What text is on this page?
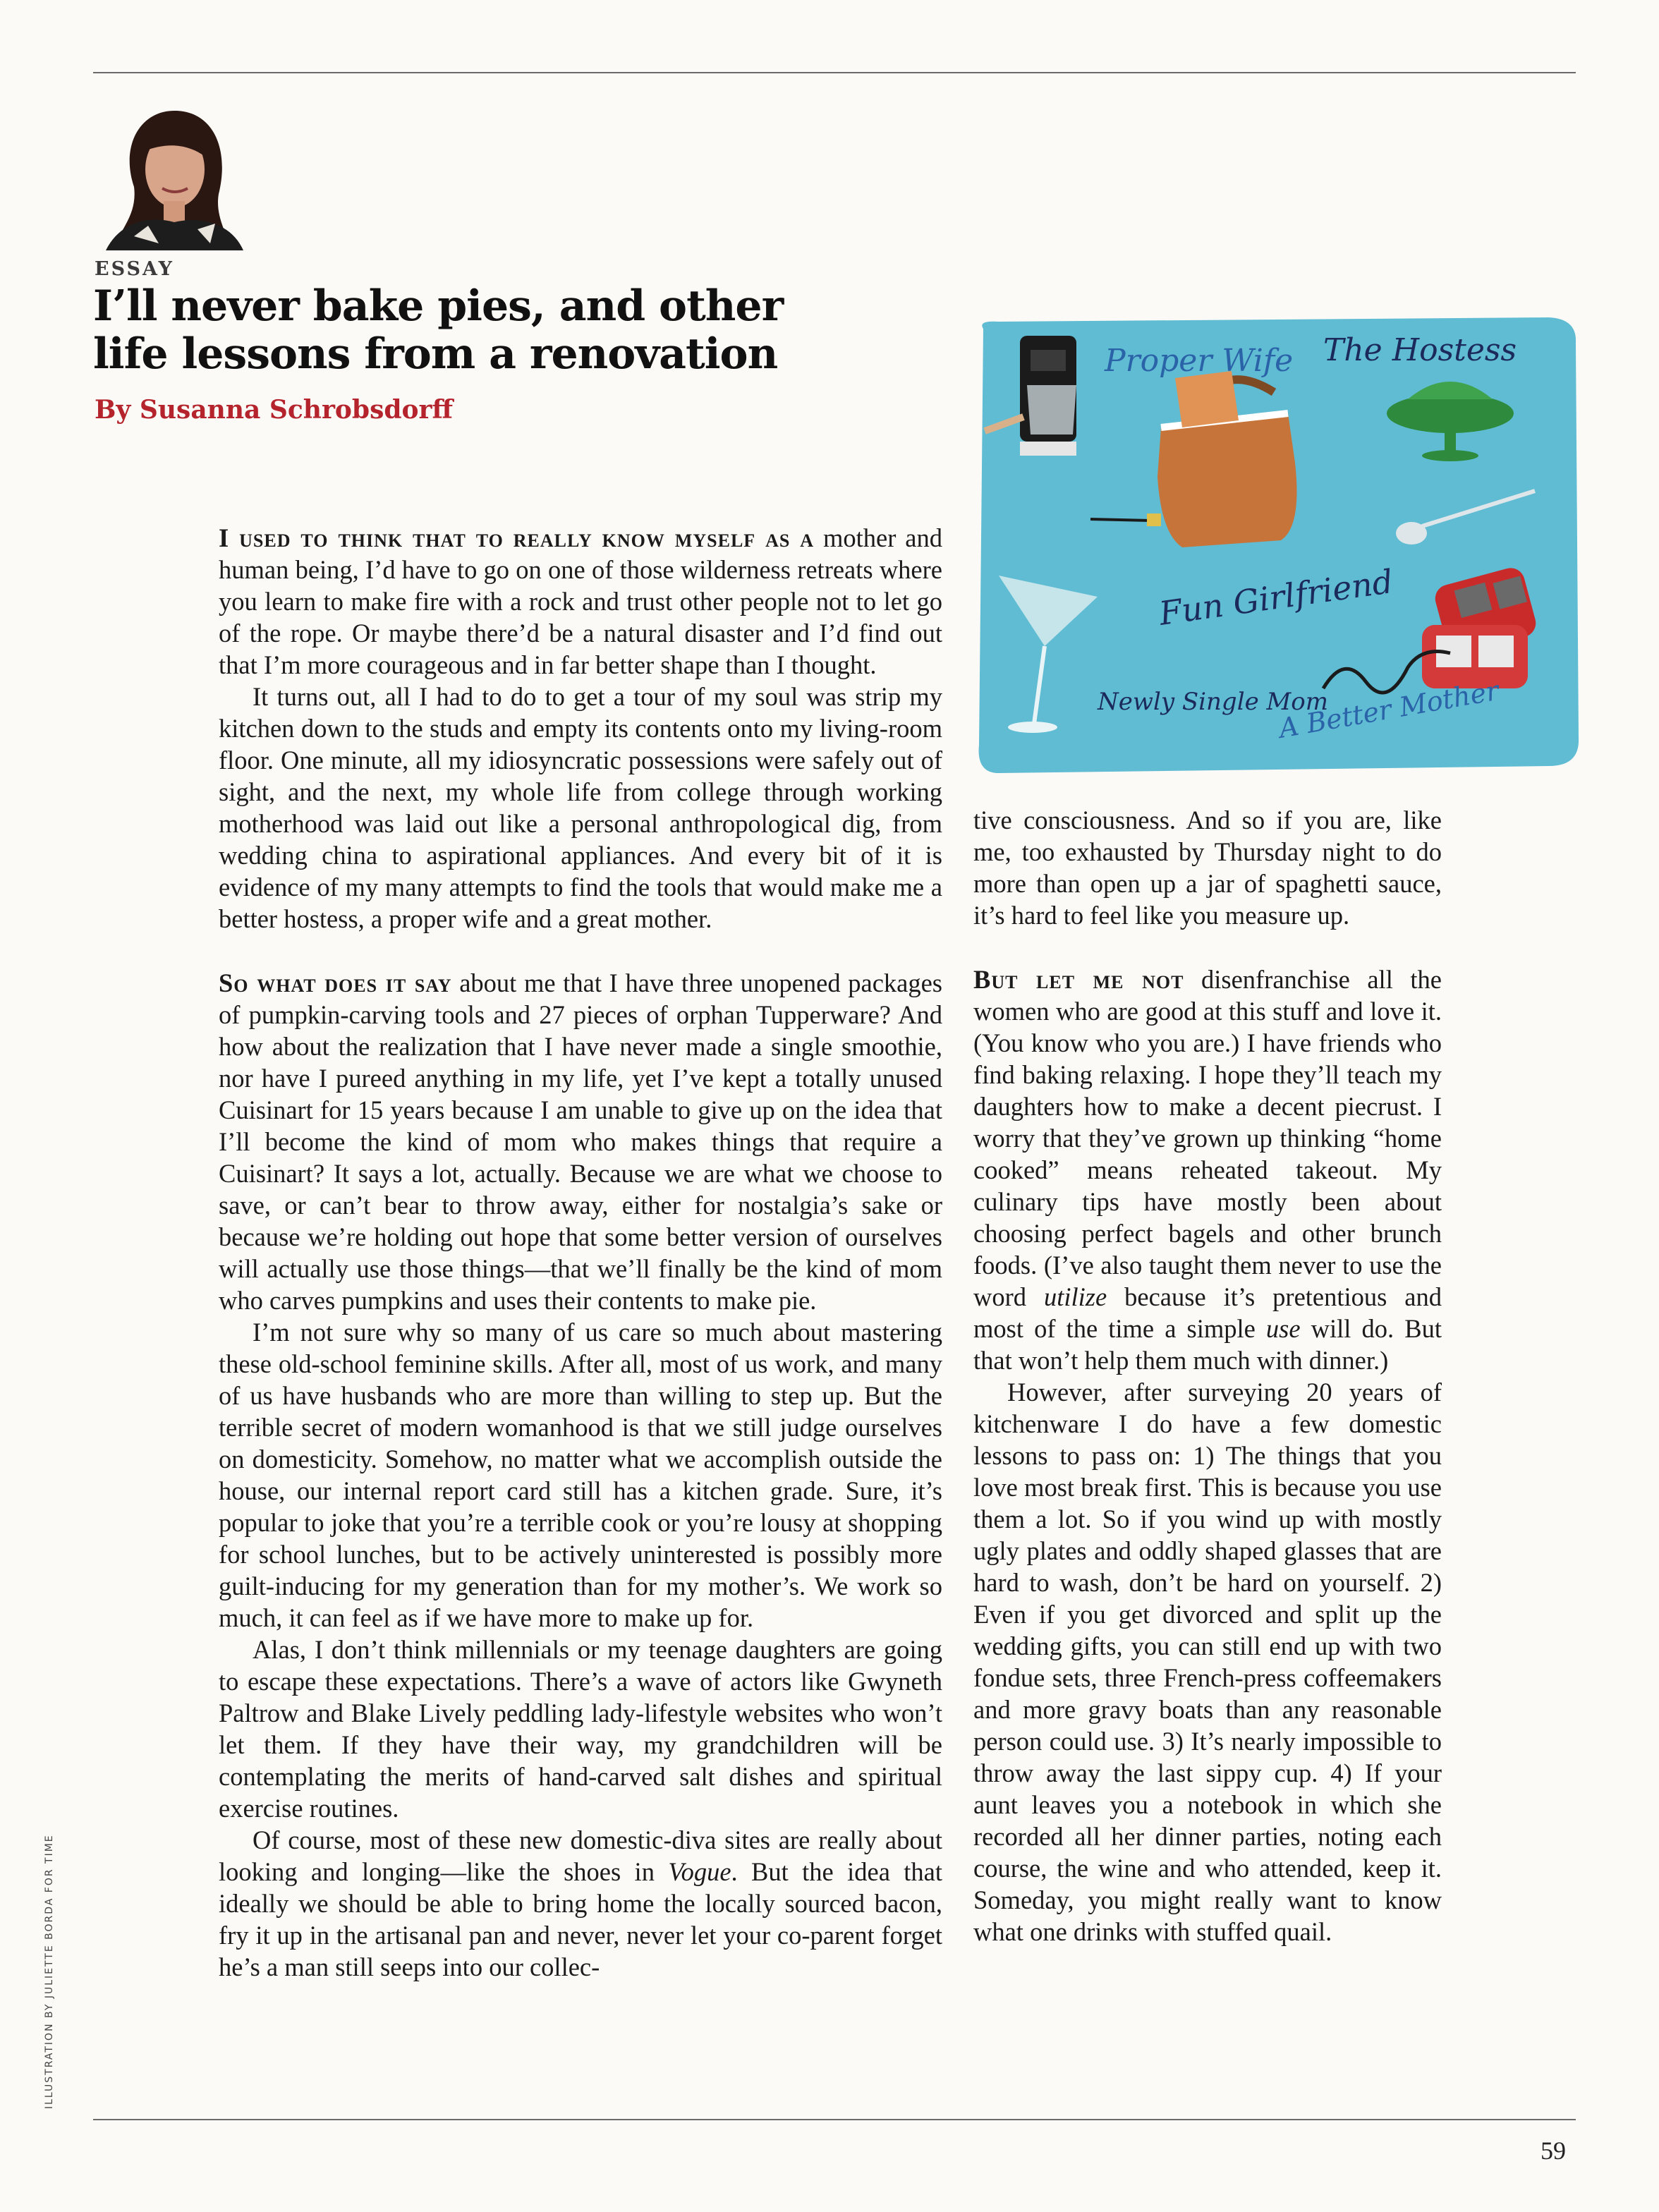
ESSAY
I’ll never bake pies, and other
life lessons from a renovation
By Susanna Schrobsdorff

I used to think that to really know myself as a mother and human being, I’d have to go on one of those wilderness retreats where you learn to make fire with a rock and trust other people not to let go of the rope. Or maybe there’d be a natural disaster and I’d find out that I’m more courageous and in far better shape than I thought.

It turns out, all I had to do to get a tour of my soul was strip my kitchen down to the studs and empty its contents onto my living-room floor. One minute, all my idiosyncratic possessions were safely out of sight, and the next, my whole life from college through working motherhood was laid out like a personal anthropological dig, from wedding china to aspirational appliances. And every bit of it is evidence of my many attempts to find the tools that would make me a better hostess, a proper wife and a great mother.

So what does it say about me that I have three unopened packages of pumpkin-carving tools and 27 pieces of orphan Tupperware? And how about the realization that I have never made a single smoothie, nor have I pureed anything in my life, yet I’ve kept a totally unused Cuisinart for 15 years because I am unable to give up on the idea that I’ll become the kind of mom who makes things that require a Cuisinart? It says a lot, actually. Because we are what we choose to save, or can’t bear to throw away, either for nostalgia’s sake or because we’re holding out hope that some better version of ourselves will actually use those things—that we’ll finally be the kind of mom who carves pumpkins and uses their contents to make pie.

I’m not sure why so many of us care so much about mastering these old-school feminine skills. After all, most of us work, and many of us have husbands who are more than willing to step up. But the terrible secret of modern womanhood is that we still judge ourselves on domesticity. Somehow, no matter what we accomplish outside the house, our internal report card still has a kitchen grade. Sure, it’s popular to joke that you’re a terrible cook or you’re lousy at shopping for school lunches, but to be actively uninterested is possibly more guilt-inducing for my generation than for my mother’s. We work so much, it can feel as if we have more to make up for.

Alas, I don’t think millennials or my teenage daughters are going to escape these expectations. There’s a wave of actors like Gwyneth Paltrow and Blake Lively peddling lady-lifestyle websites who won’t let them. If they have their way, my grandchildren will be contemplating the merits of hand-carved salt dishes and spiritual exercise routines.

Of course, most of these new domestic-diva sites are really about looking and longing—like the shoes in Vogue. But the idea that ideally we should be able to bring home the locally sourced bacon, fry it up in the artisanal pan and never, never let your co-parent forget he’s a man still seeps into our collec-

Proper Wife The Hostess
Fun Girlfriend
Newly Single Mom
A Better Mother

tive consciousness. And so if you are, like me, too exhausted by Thursday night to do more than open up a jar of spaghetti sauce, it’s hard to feel like you measure up.

But let me not disenfranchise all the women who are good at this stuff and love it. (You know who you are.) I have friends who find baking relaxing. I hope they’ll teach my daughters how to make a decent piecrust. I worry that they’ve grown up thinking “home cooked” means reheated takeout. My culinary tips have mostly been about choosing perfect bagels and other brunch foods. (I’ve also taught them never to use the word utilize because it’s pretentious and most of the time a simple use will do. But that won’t help them much with dinner.)

However, after surveying 20 years of kitchenware I do have a few domestic lessons to pass on: 1) The things that you love most break first. This is because you use them a lot. So if you wind up with mostly ugly plates and oddly shaped glasses that are hard to wash, don’t be hard on yourself. 2) Even if you get divorced and split up the wedding gifts, you can still end up with two fondue sets, three French-press coffeemakers and more gravy boats than any reasonable person could use. 3) It’s nearly impossible to throw away the last sippy cup. 4) If your aunt leaves you a notebook in which she recorded all her dinner parties, noting each course, the wine and who attended, keep it. Someday, you might really want to know what one drinks with stuffed quail.

ILLUSTRATION BY JULIETTE BORDA FOR TIME
59
